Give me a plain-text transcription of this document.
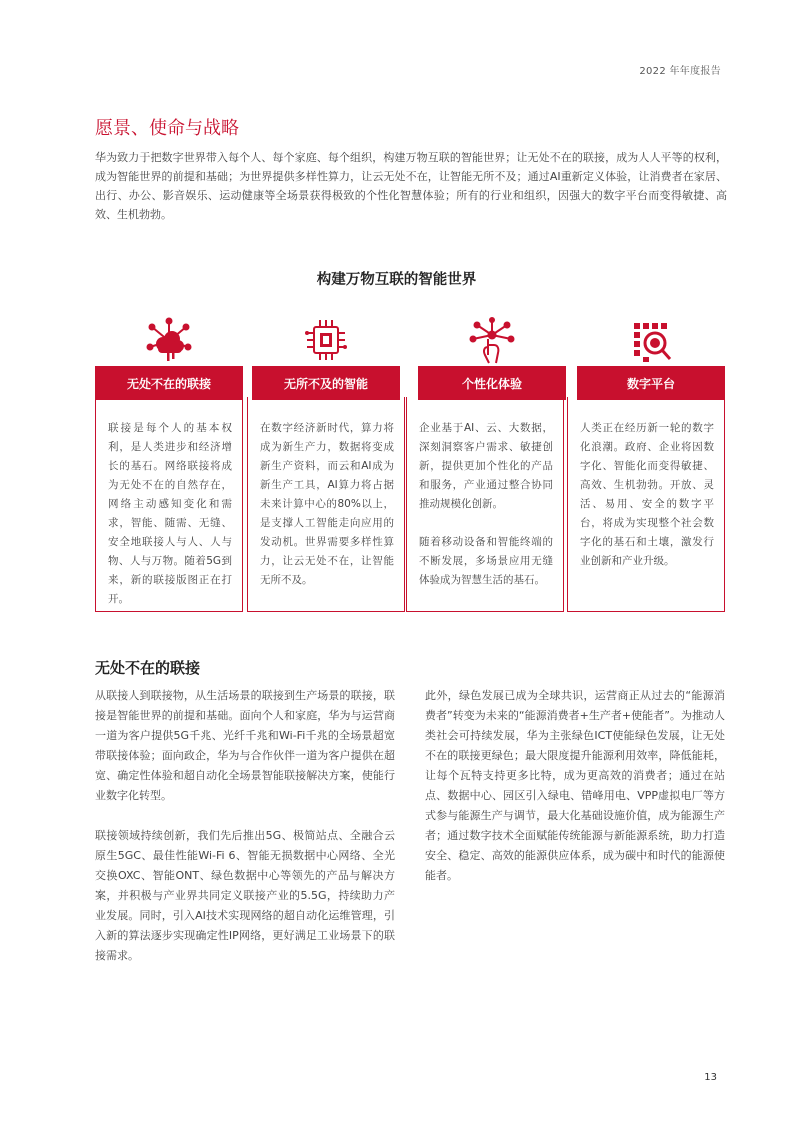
2022 年年度报告
愿景、使命与战略

华为致力于把数字世界带入每个人、每个家庭、每个组织，构建万物互联的智能世界；让无处不在的联接，成为人人平等的权利，成为智能世界的前提和基础；为世界提供多样性算力，让云无处不在，让智能无所不及；通过AI重新定义体验，让消费者在家居、出行、办公、影音娱乐、运动健康等全场景获得极致的个性化智慧体验；所有的行业和组织，因强大的数字平台而变得敏捷、高效、生机勃勃。

构建万物互联的智能世界
无处不在的联接

联接是每个人的基本权利，是人类进步和经济增长的基石。网络联接将成为无处不在的自然存在，网络主动感知变化和需求，智能、随需、无缝、安全地联接人与人、人与物、人与万物。随着5G到来，新的联接版图正在打开。

无所不及的智能

在数字经济新时代，算力将成为新生产力，数据将变成新生产资料，而云和AI成为新生产工具，AI算力将占据未来计算中心的80%以上，是支撑人工智能走向应用的发动机。世界需要多样性算力，让云无处不在，让智能无所不及。

个性化体验

企业基于AI、云、大数据，深刻洞察客户需求、敏捷创新，提供更加个性化的产品和服务，产业通过整合协同推动规模化创新。

随着移动设备和智能终端的不断发展，多场景应用无缝体验成为智慧生活的基石。

数字平台

人类正在经历新一轮的数字化浪潮。政府、企业将因数字化、智能化而变得敏捷、高效、生机勃勃。开放、灵活、易用、安全的数字平台，将成为实现整个社会数字化的基石和土壤，激发行业创新和产业升级。

无处不在的联接

从联接人到联接物，从生活场景的联接到生产场景的联接，联接是智能世界的前提和基础。面向个人和家庭，华为与运营商一道为客户提供5G千兆、光纤千兆和Wi-Fi千兆的全场景超宽带联接体验；面向政企，华为与合作伙伴一道为客户提供在超宽、确定性体验和超自动化全场景智能联接解决方案，使能行业数字化转型。

联接领域持续创新，我们先后推出5G、极简站点、全融合云原生5GC、最佳性能Wi-Fi 6、智能无损数据中心网络、全光交换OXC、智能ONT、绿色数据中心等领先的产品与解决方案，并积极与产业界共同定义联接产业的5.5G，持续助力产业发展。同时，引入AI技术实现网络的超自动化运维管理，引入新的算法逐步实现确定性IP网络，更好满足工业场景下的联接需求。

此外，绿色发展已成为全球共识，运营商正从过去的“能源消费者”转变为未来的“能源消费者+生产者+使能者”。为推动人类社会可持续发展，华为主张绿色ICT使能绿色发展，让无处不在的联接更绿色；最大限度提升能源利用效率，降低能耗，让每个瓦特支持更多比特，成为更高效的消费者；通过在站点、数据中心、园区引入绿电、错峰用电、VPP虚拟电厂等方式参与能源生产与调节，最大化基础设施价值，成为能源生产者；通过数字技术全面赋能传统能源与新能源系统，助力打造安全、稳定、高效的能源供应体系，成为碳中和时代的能源使能者。

13
